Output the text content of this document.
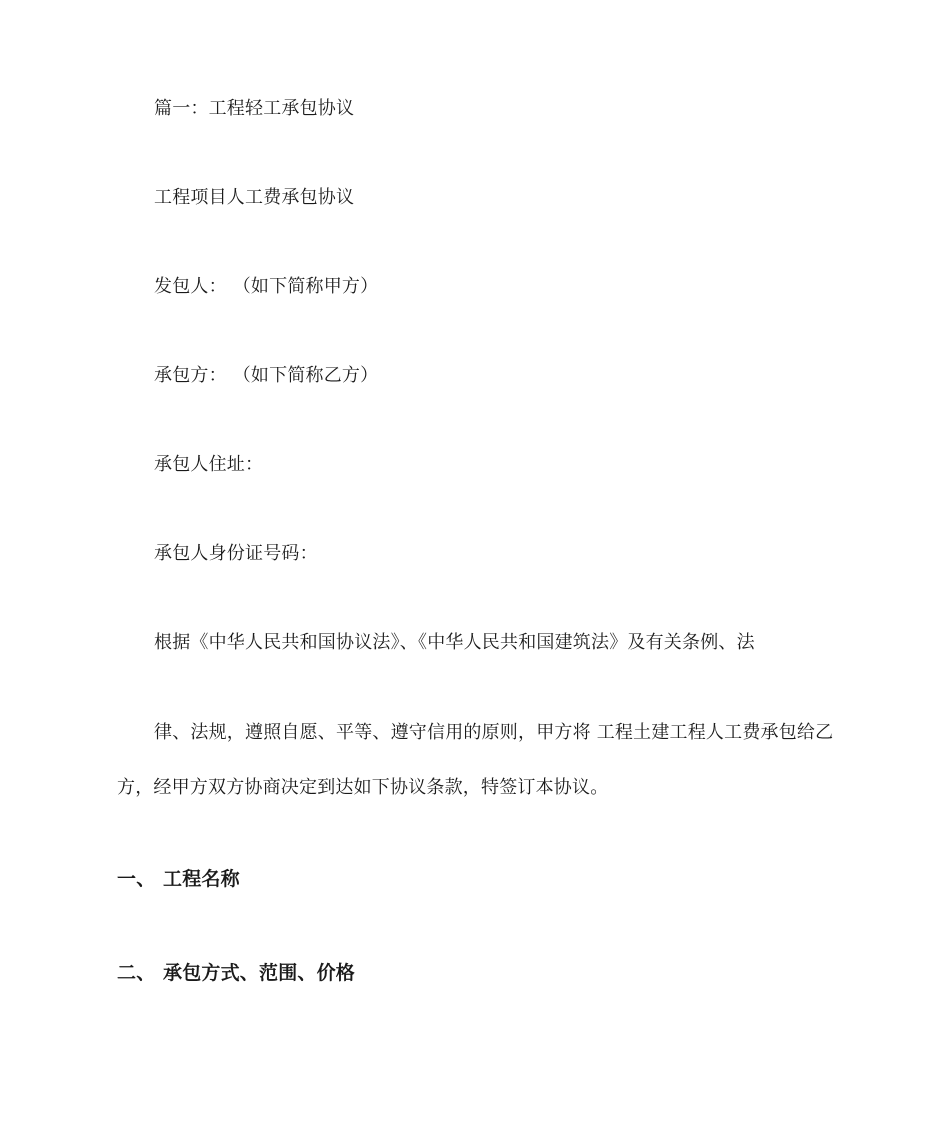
篇一：工程轻工承包协议
工程项目人工费承包协议
发包人： （如下简称甲方）
承包方： （如下简称乙方）
承包人住址：
承包人身份证号码：
根据《中华人民共和国协议法》、《中华人民共和国建筑法》及有关条例、法
律、法规，遵照自愿、平等、遵守信用的原则，甲方将 工程土建工程人工费承包给乙
方，经甲方双方协商决定到达如下协议条款，特签订本协议。
一、 工程名称
二、 承包方式、范围、价格
